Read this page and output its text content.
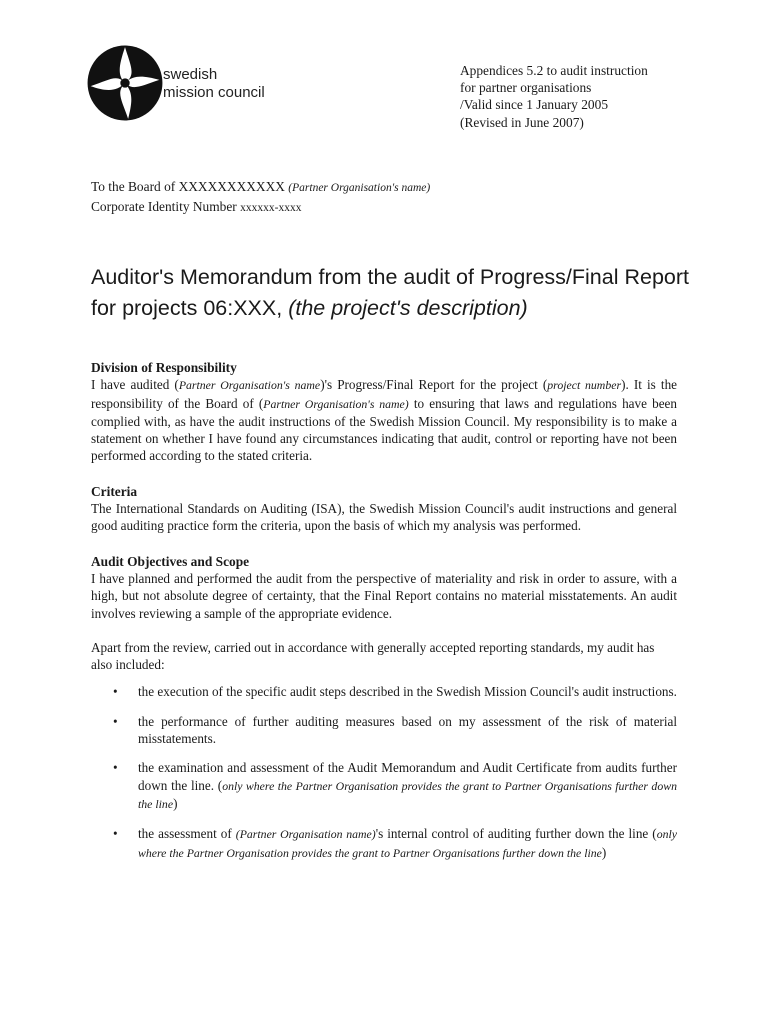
swedish
mission council
Appendices 5.2 to audit instruction
for partner organisations
/Valid since 1 January 2005
(Revised in June 2007)
To the Board of XXXXXXXXXXX (Partner Organisation's name)
Corporate Identity Number xxxxxx-xxxx
Auditor's Memorandum from the audit of Progress/Final Report for projects 06:XXX, (the project's description)
Division of Responsibility

I have audited (Partner Organisation's name)'s Progress/Final Report for the project (project number). It is the responsibility of the Board of (Partner Organisation's name) to ensuring that laws and regulations have been complied with, as have the audit instructions of the Swedish Mission Council. My responsibility is to make a statement on whether I have found any circumstances indicating that audit, control or reporting have not been performed according to the stated criteria.

Criteria

The International Standards on Auditing (ISA), the Swedish Mission Council's audit instructions and general good auditing practice form the criteria, upon the basis of which my analysis was performed.

Audit Objectives and Scope

I have planned and performed the audit from the perspective of materiality and risk in order to assure, with a high, but not absolute degree of certainty, that the Final Report contains no material misstatements. An audit involves reviewing a sample of the appropriate evidence.

Apart from the review, carried out in accordance with generally accepted reporting standards, my audit has also included:

• the execution of the specific audit steps described in the Swedish Mission Council's audit instructions.
• the performance of further auditing measures based on my assessment of the risk of material misstatements.
• the examination and assessment of the Audit Memorandum and Audit Certificate from audits further down the line. (only where the Partner Organisation provides the grant to Partner Organisations further down the line)
• the assessment of (Partner Organisation name)'s internal control of auditing further down the line (only where the Partner Organisation provides the grant to Partner Organisations further down the line)
